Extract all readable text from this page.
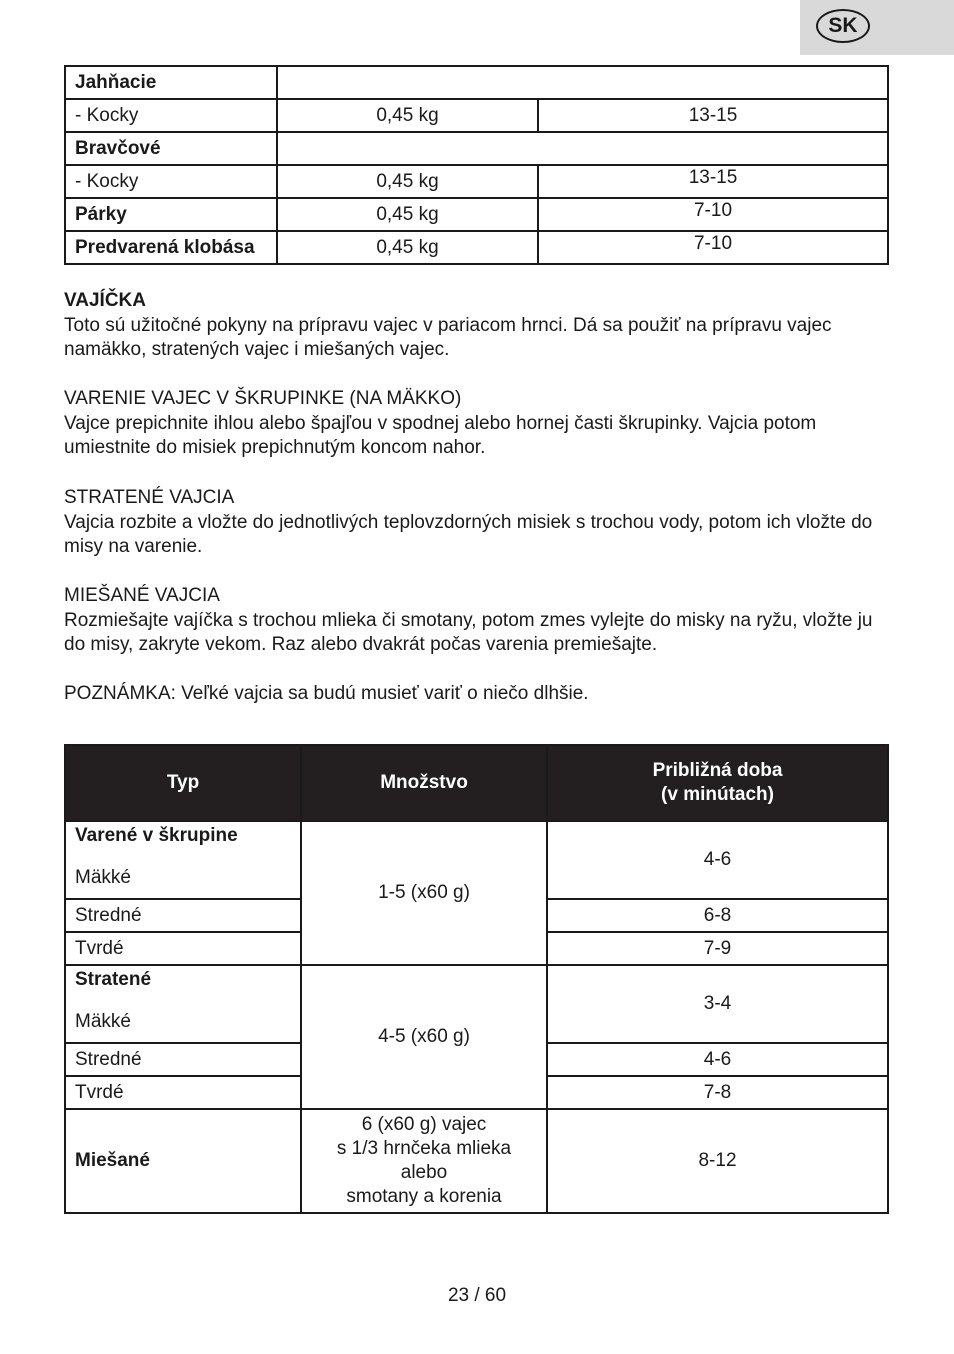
SK
Jahňacie		
- Kocky	0,45 kg	13-15
Bravčové		
- Kocky	0,45 kg	13-15
Párky	0,45 kg	7-10
Predvarená klobása	0,45 kg	7-10

VAJÍČKA

Toto sú užitočné pokyny na prípravu vajec v pariacom hrnci. Dá sa použiť na prípravu vajec namäkko, stratených vajec i miešaných vajec.

VARENIE VAJEC V ŠKRUPINKE (NA MÄKKO)

Vajce prepichnite ihlou alebo špajľou v spodnej alebo hornej časti škrupinky. Vajcia potom umiestnite do misiek prepichnutým koncom nahor.

STRATENÉ VAJCIA

Vajcia rozbite a vložte do jednotlivých teplovzdorných misiek s trochou vody, potom ich vložte do misy na varenie.

MIEŠANÉ VAJCIA

Rozmiešajte vajíčka s trochou mlieka či smotany, potom zmes vylejte do misky na ryžu, vložte ju do misy, zakryte vekom. Raz alebo dvakrát počas varenia premiešajte.

POZNÁMKA: Veľké vajcia sa budú musieť variť o niečo dlhšie.

Typ	Množstvo	Približná doba
(v minútach)

Varené v škrupine
Mäkké	1-5 (x60 g)	4-6
Stredné		6-8
Tvrdé		7-9

Stratené
Mäkké	4-5 (x60 g)	3-4
Stredné		4-6
Tvrdé		7-8
Miešané	6 (x60 g) vajec
s 1/3 hrnčeka mlieka
alebo
smotany a korenia	8-12
23 / 60
